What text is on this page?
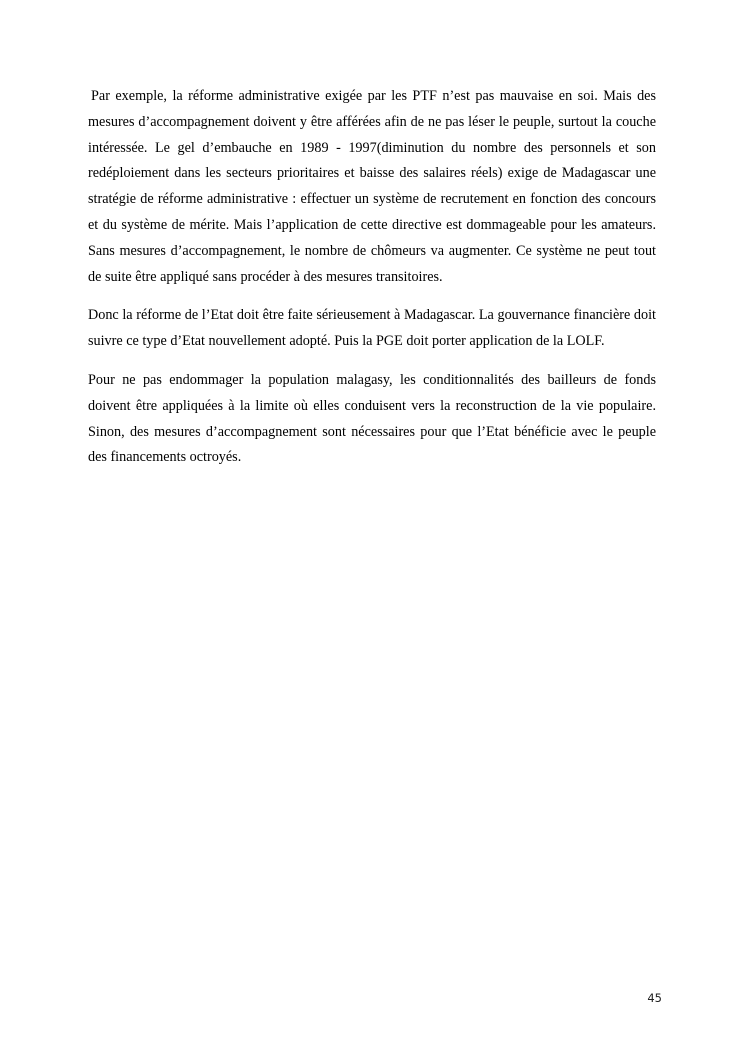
Par exemple, la réforme administrative exigée par les PTF n’est pas mauvaise en soi. Mais des mesures d’accompagnement doivent y être afférées afin de ne pas léser le peuple, surtout la couche intéressée. Le gel d’embauche en 1989 - 1997(diminution du nombre des personnels et son redéploiement dans les secteurs prioritaires et baisse des salaires réels) exige de Madagascar une stratégie de réforme administrative : effectuer un système de recrutement en fonction des concours et du système de mérite. Mais l’application de cette directive est dommageable pour les amateurs. Sans mesures d’accompagnement, le nombre de chômeurs va augmenter. Ce système ne peut tout de suite être appliqué sans procéder à des mesures transitoires.

Donc la réforme de l’Etat doit être faite sérieusement à Madagascar. La gouvernance financière doit suivre ce type d’Etat nouvellement adopté. Puis la PGE doit porter application de la LOLF.

Pour ne pas endommager la population malagasy, les conditionnalités des bailleurs de fonds doivent être appliquées à la limite où elles conduisent vers la reconstruction de la vie populaire. Sinon, des mesures d’accompagnement sont nécessaires pour que l’Etat bénéficie avec le peuple des financements octroyés.

45
